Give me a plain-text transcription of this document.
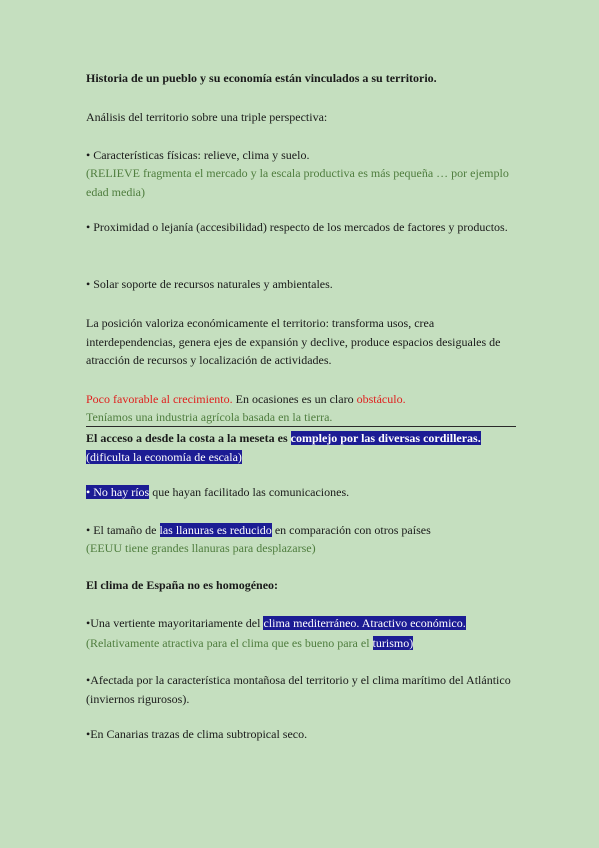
Historia de un pueblo y su economía están vinculados a su territorio.

Análisis del territorio sobre una triple perspectiva:

• Características físicas: relieve, clima y suelo.

(RELIEVE fragmenta el mercado y la escala productiva es más pequeña … por ejemplo edad media)

• Proximidad o lejanía (accesibilidad) respecto de los mercados de factores y productos.

• Solar soporte de recursos naturales y ambientales.

La posición valoriza económicamente el territorio: transforma usos, crea interdependencias, genera ejes de expansión y declive, produce espacios desiguales de atracción de recursos y localización de actividades.

Poco favorable al crecimiento. En ocasiones es un claro obstáculo.

Teníamos una industria agrícola basada en la tierra.

El acceso a desde la costa a la meseta es complejo por las diversas cordilleras.
(dificulta la economía de escala)

• No hay ríos que hayan facilitado las comunicaciones.

• El tamaño de las llanuras es reducido en comparación con otros países

(EEUU tiene grandes llanuras para desplazarse)

El clima de España no es homogéneo:

•Una vertiente mayoritariamente del clima mediterráneo. Atractivo económico.

(Relativamente atractiva para el clima que es bueno para el turismo)

•Afectada por la característica montañosa del territorio y el clima marítimo del Atlántico (inviernos rigurosos).

•En Canarias trazas de clima subtropical seco.
